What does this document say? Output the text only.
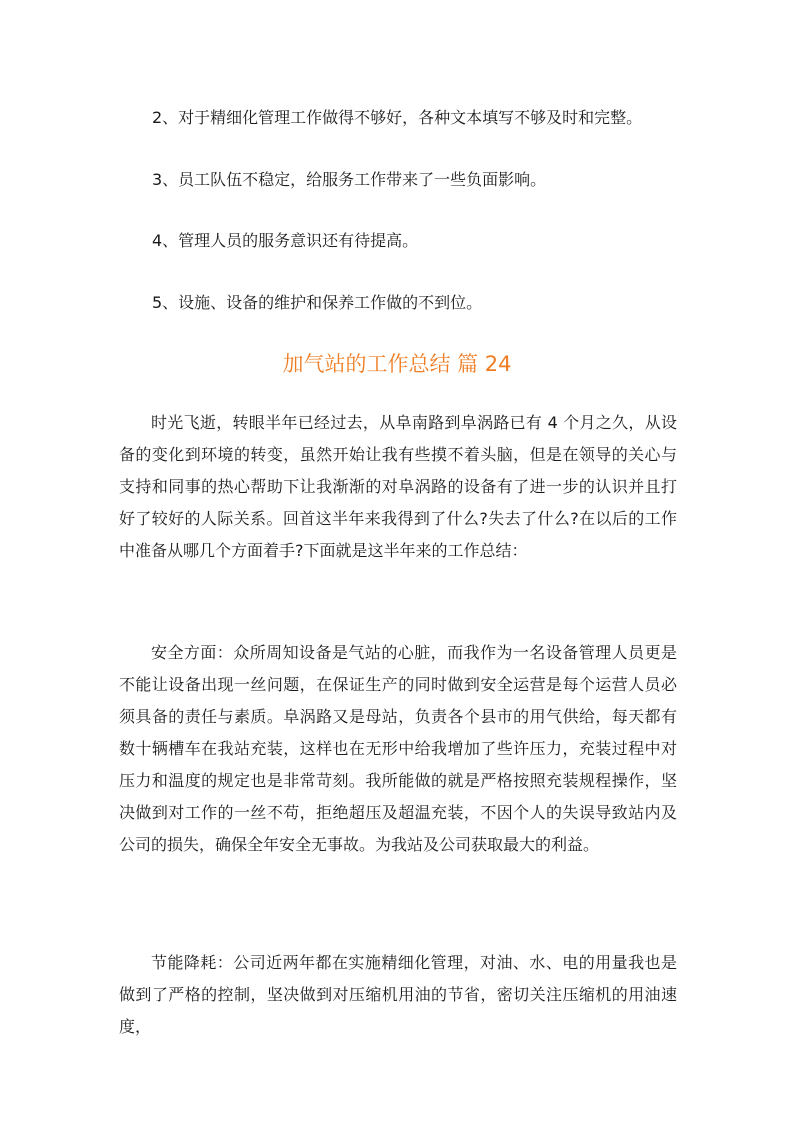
2、对于精细化管理工作做得不够好，各种文本填写不够及时和完整。
3、员工队伍不稳定，给服务工作带来了一些负面影响。
4、管理人员的服务意识还有待提高。
5、设施、设备的维护和保养工作做的不到位。
加气站的工作总结 篇 24

时光飞逝，转眼半年已经过去，从阜南路到阜涡路已有 4 个月之久，从设备的变化到环境的转变，虽然开始让我有些摸不着头脑，但是在领导的关心与支持和同事的热心帮助下让我渐渐的对阜涡路的设备有了进一步的认识并且打好了较好的人际关系。回首这半年来我得到了什么?失去了什么?在以后的工作中准备从哪几个方面着手?下面就是这半年来的工作总结：

安全方面：众所周知设备是气站的心脏，而我作为一名设备管理人员更是不能让设备出现一丝问题，在保证生产的同时做到安全运营是每个运营人员必须具备的责任与素质。阜涡路又是母站，负责各个县市的用气供给，每天都有数十辆槽车在我站充装，这样也在无形中给我增加了些许压力，充装过程中对压力和温度的规定也是非常苛刻。我所能做的就是严格按照充装规程操作，坚决做到对工作的一丝不苟，拒绝超压及超温充装，不因个人的失误导致站内及公司的损失，确保全年安全无事故。为我站及公司获取最大的利益。

节能降耗：公司近两年都在实施精细化管理，对油、水、电的用量我也是做到了严格的控制，坚决做到对压缩机用油的节省，密切关注压缩机的用油速度，
